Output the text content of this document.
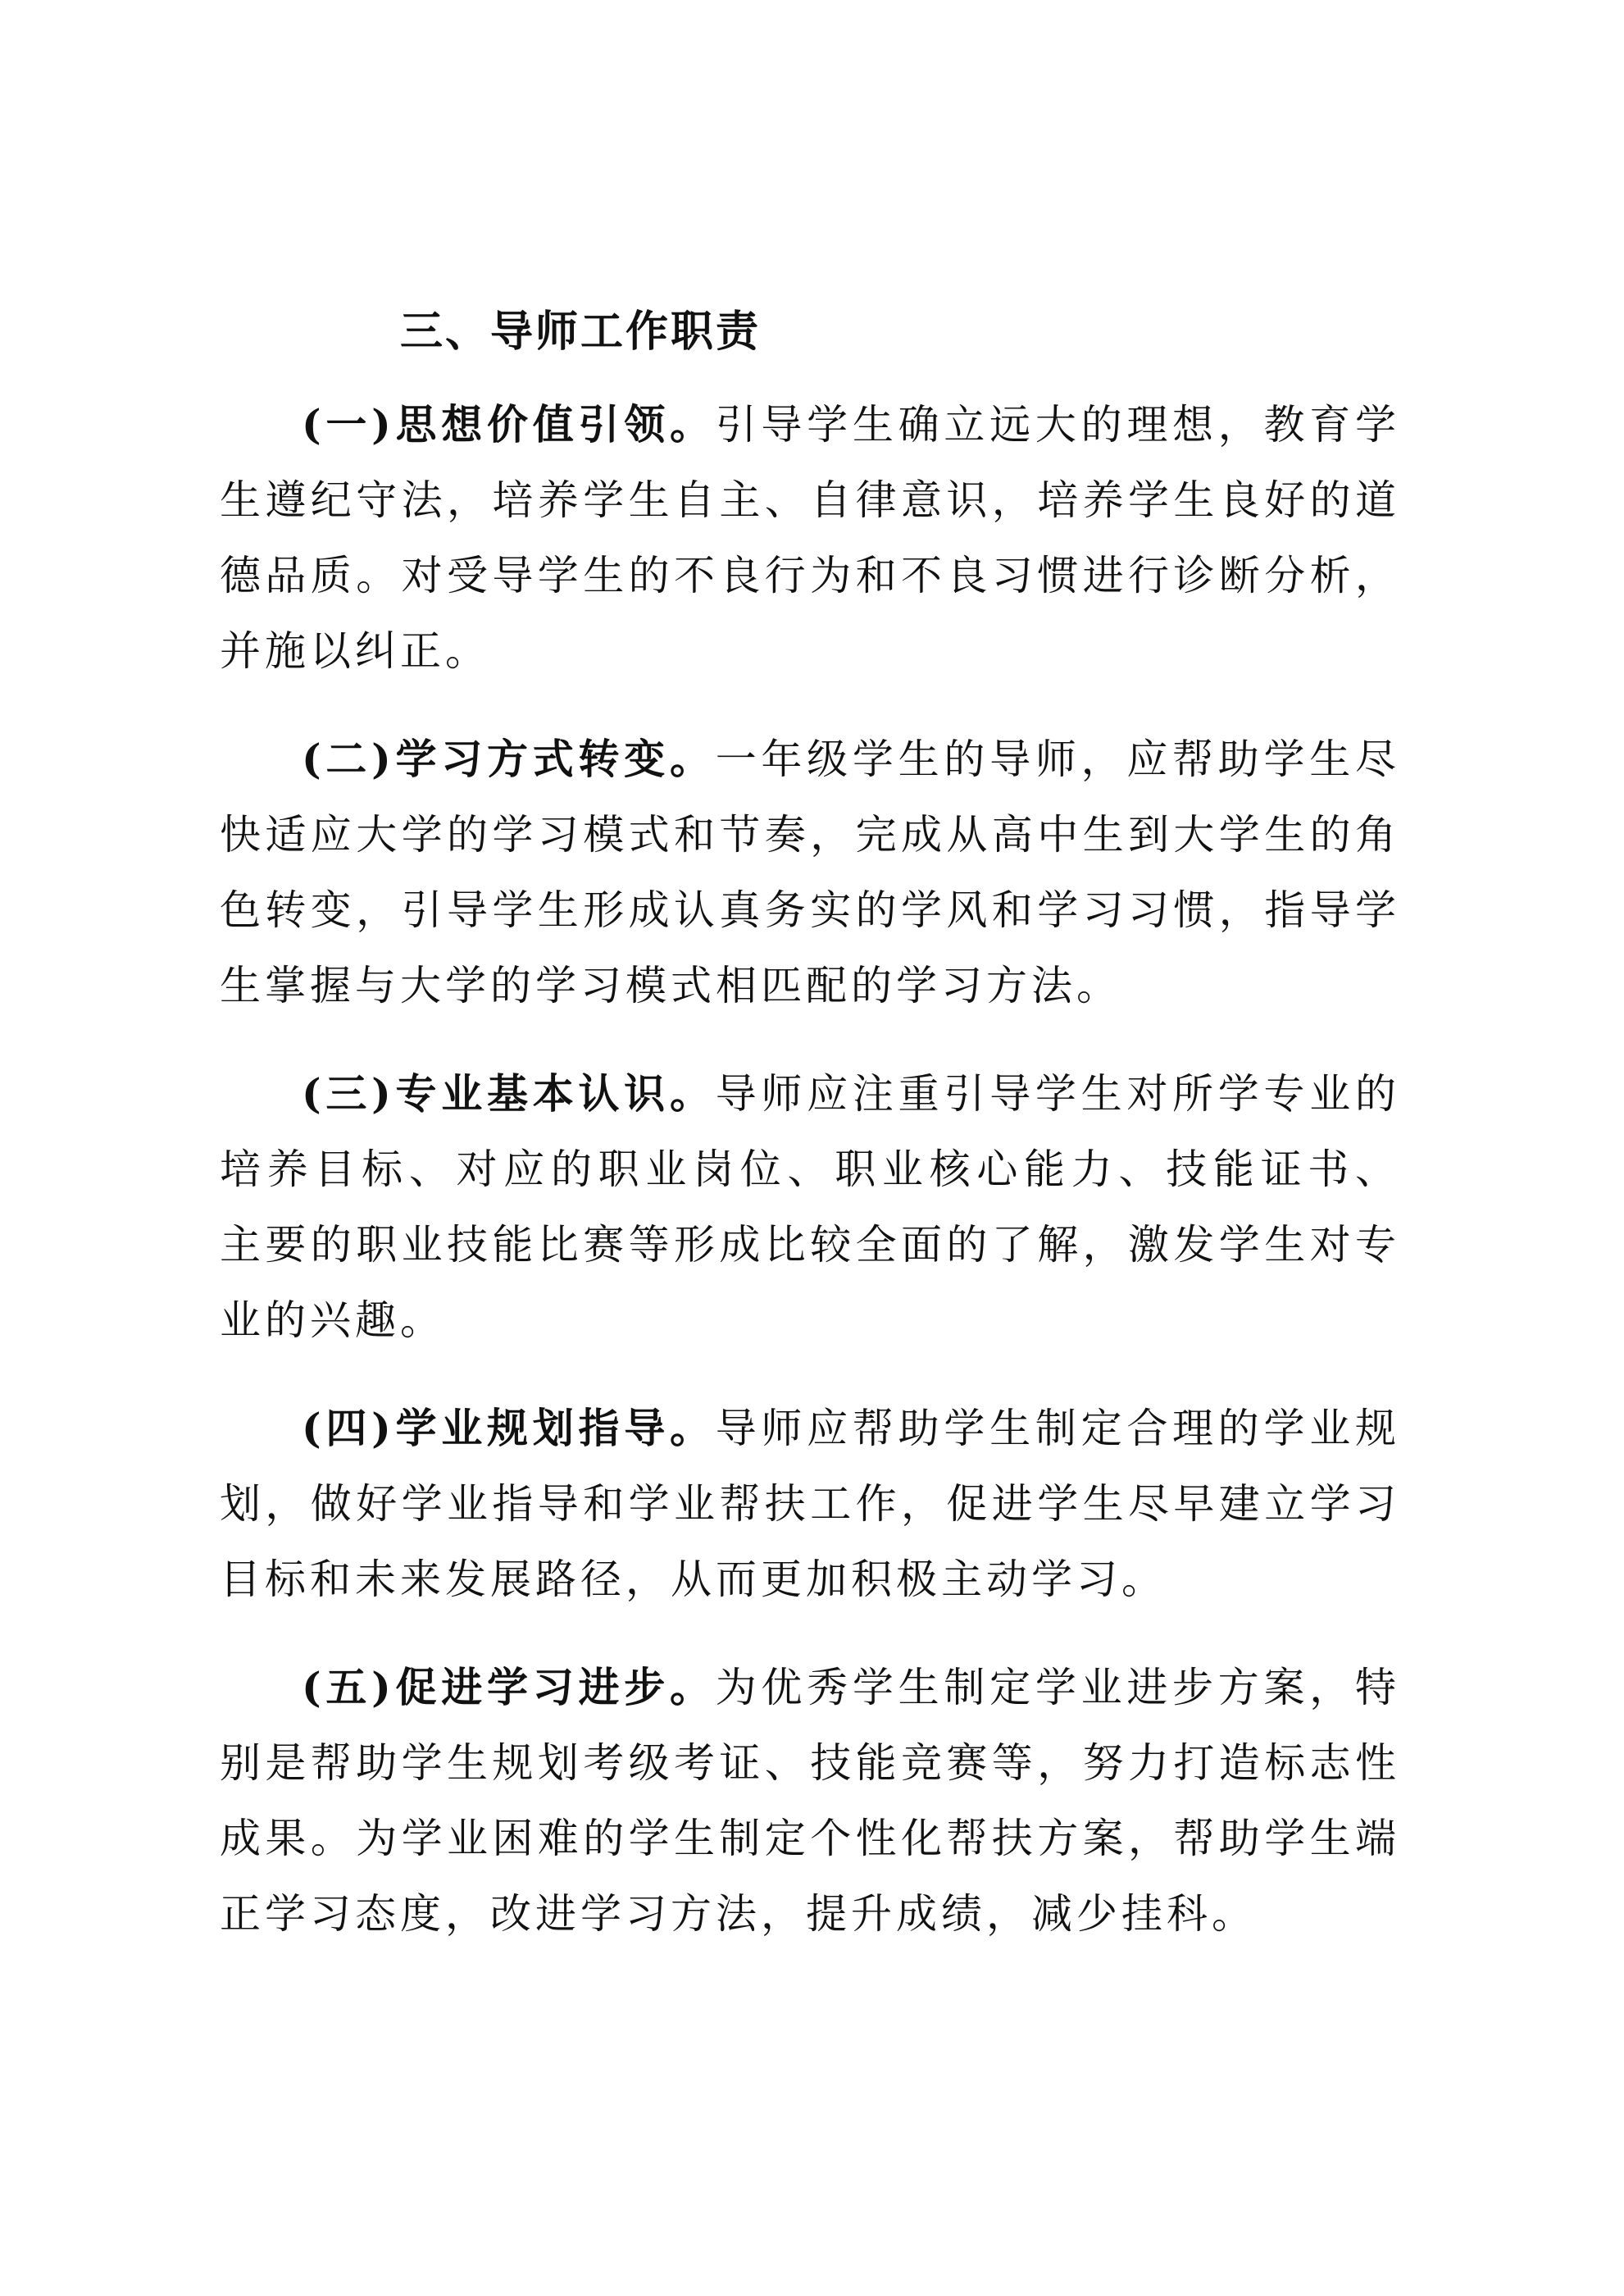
三、导师工作职责

(一)思想价值引领。引导学生确立远大的理想，教育学生遵纪守法，培养学生自主、自律意识，培养学生良好的道德品质。对受导学生的不良行为和不良习惯进行诊断分析，并施以纠正。

(二)学习方式转变。一年级学生的导师，应帮助学生尽快适应大学的学习模式和节奏，完成从高中生到大学生的角色转变，引导学生形成认真务实的学风和学习习惯，指导学生掌握与大学的学习模式相匹配的学习方法。

(三)专业基本认识。导师应注重引导学生对所学专业的培养目标、对应的职业岗位、职业核心能力、技能证书、 主要的职业技能比赛等形成比较全面的了解，激发学生对专业的兴趣。

(四)学业规划指导。导师应帮助学生制定合理的学业规划，做好学业指导和学业帮扶工作，促进学生尽早建立学习目标和未来发展路径，从而更加积极主动学习。

(五)促进学习进步。为优秀学生制定学业进步方案，特别是帮助学生规划考级考证、技能竞赛等，努力打造标志性成果。为学业困难的学生制定个性化帮扶方案，帮助学生端正学习态度，改进学习方法，提升成绩，减少挂科。
